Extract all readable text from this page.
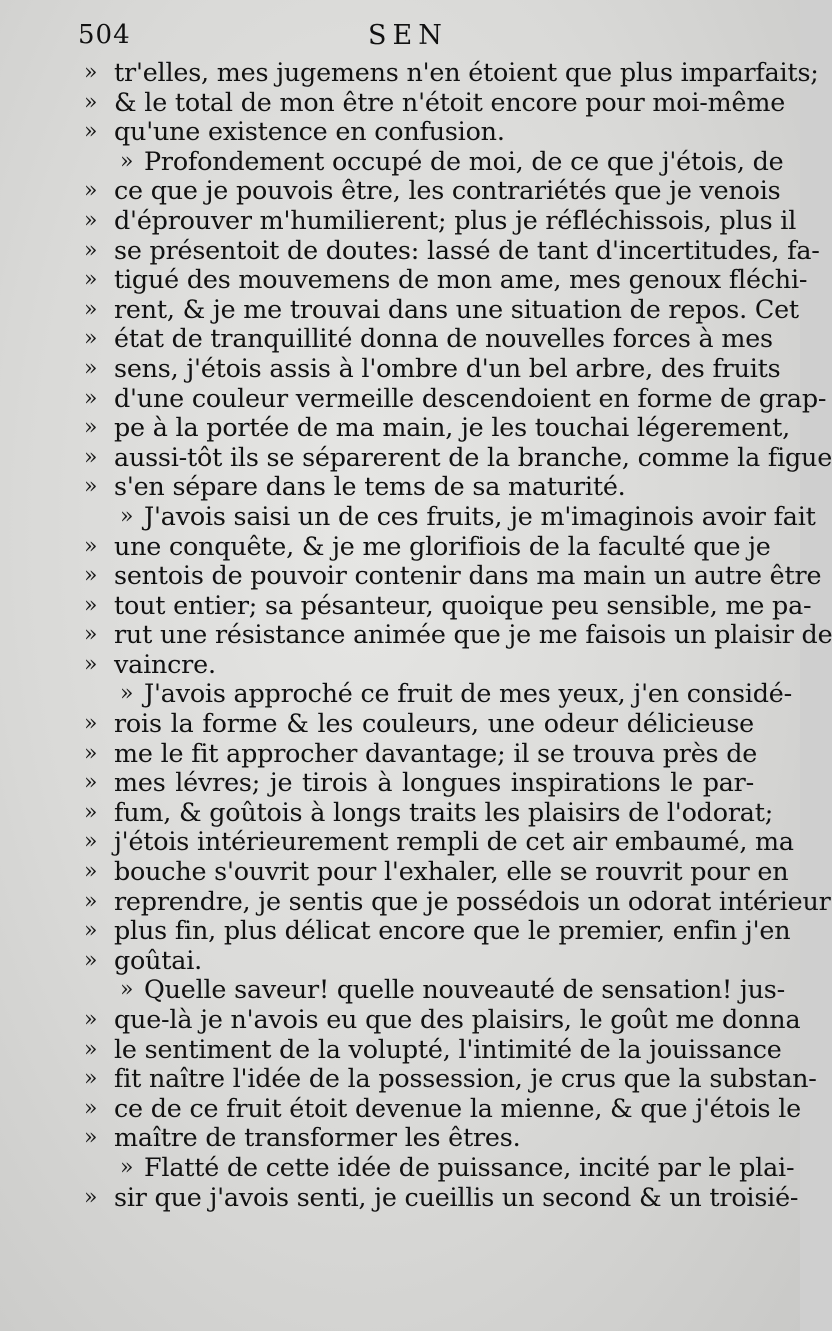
504	SEN
» tr'elles, mes jugemens n'en étoient que plus imparfaits;
» & le total de mon être n'étoit encore pour moi-même
» qu'une existence en confusion.
» Profondement occupé de moi, de ce que j'étois, de
» ce que je pouvois être, les contrariétés que je venois
» d'éprouver m'humilierent; plus je réfléchissois, plus il
» se présentoit de doutes: lassé de tant d'incertitudes, fa-
» tigué des mouvemens de mon ame, mes genoux fléchi-
» rent, & je me trouvai dans une situation de repos. Cet
» état de tranquillité donna de nouvelles forces à mes
» sens, j'étois assis à l'ombre d'un bel arbre, des fruits
» d'une couleur vermeille descendoient en forme de grap-
» pe à la portée de ma main, je les touchai légerement,
» aussi-tôt ils se séparerent de la branche, comme la figue
» s'en sépare dans le tems de sa maturité.
» J'avois saisi un de ces fruits, je m'imaginois avoir fait
» une conquête, & je me glorifiois de la faculté que je
» sentois de pouvoir contenir dans ma main un autre être
» tout entier; sa pésanteur, quoique peu sensible, me pa-
» rut une résistance animée que je me faisois un plaisir de
» vaincre.
» J'avois approché ce fruit de mes yeux, j'en considé-
» rois la forme & les couleurs, une odeur délicieuse
» me le fit approcher davantage; il se trouva près de
» mes lévres; je tirois à longues inspirations le par-
» fum, & goûtois à longs traits les plaisirs de l'odorat;
» j'étois intérieurement rempli de cet air embaumé, ma
» bouche s'ouvrit pour l'exhaler, elle se rouvrit pour en
» reprendre, je sentis que je possédois un odorat intérieur
» plus fin, plus délicat encore que le premier, enfin j'en
» goûtai.
» Quelle saveur! quelle nouveauté de sensation! jus-
» que-là je n'avois eu que des plaisirs, le goût me donna
» le sentiment de la volupté, l'intimité de la jouissance
» fit naître l'idée de la possession, je crus que la substan-
» ce de ce fruit étoit devenue la mienne, & que j'étois le
» maître de transformer les êtres.
» Flatté de cette idée de puissance, incité par le plai-
» sir que j'avois senti, je cueillis un second & un troisié-
